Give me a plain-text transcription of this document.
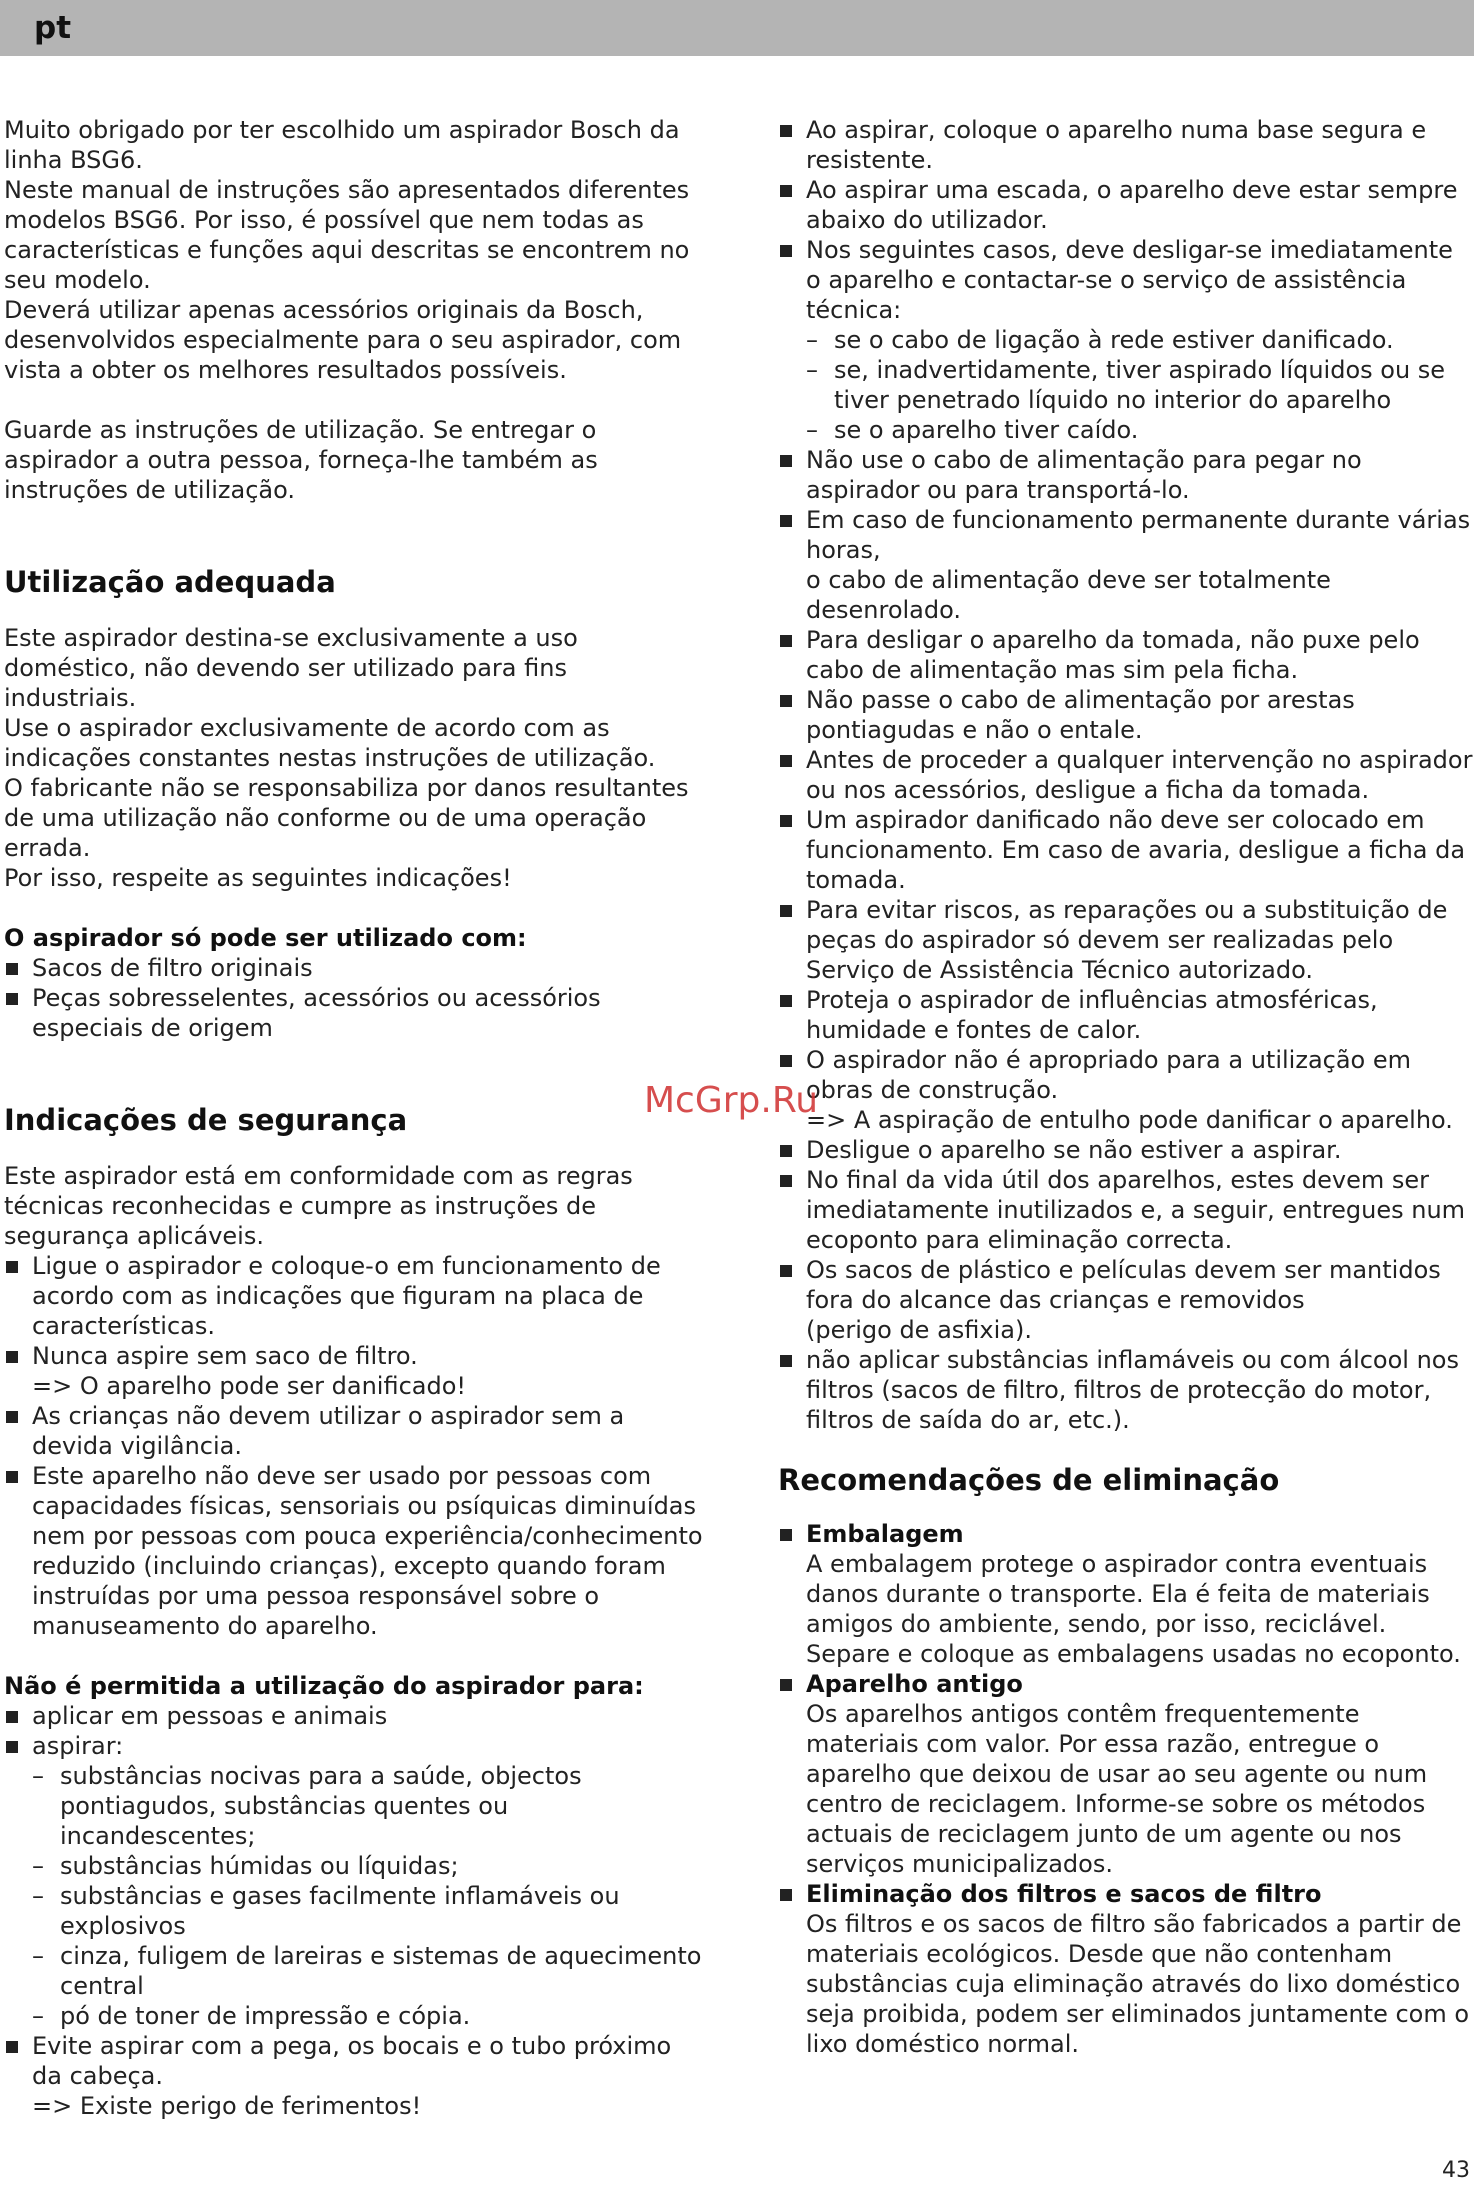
pt

Muito obrigado por ter escolhido um aspirador Bosch da linha BSG6.

Neste manual de instruções são apresentados diferentes modelos BSG6. Por isso, é possível que nem todas as características e funções aqui descritas se encontrem no seu modelo.

Deverá utilizar apenas acessórios originais da Bosch, desenvolvidos especialmente para o seu aspirador, com vista a obter os melhores resultados possíveis.

Guarde as instruções de utilização. Se entregar o aspirador a outra pessoa, forneça-lhe também as instruções de utilização.

Utilização adequada

Este aspirador destina-se exclusivamente a uso doméstico, não devendo ser utilizado para fins industriais.

Use o aspirador exclusivamente de acordo com as indicações constantes nestas instruções de utilização.

O fabricante não se responsabiliza por danos resultantes de uma utilização não conforme ou de uma operação errada.

Por isso, respeite as seguintes indicações!

O aspirador só pode ser utilizado com:

Sacos de filtro originais
Peças sobresselentes, acessórios ou acessórios especiais de origem
Indicações de segurança

Este aspirador está em conformidade com as regras técnicas reconhecidas e cumpre as instruções de segurança aplicáveis.

Ligue o aspirador e coloque-o em funcionamento de acordo com as indicações que figuram na placa de características.
Nunca aspire sem saco de filtro.
=> O aparelho pode ser danificado!
As crianças não devem utilizar o aspirador sem a devida vigilância.
Este aparelho não deve ser usado por pessoas com capacidades físicas, sensoriais ou psíquicas diminuídas nem por pessoas com pouca experiência/conhecimento reduzido (incluindo crianças), excepto quando foram instruídas por uma pessoa responsável sobre o manuseamento do aparelho.

Não é permitida a utilização do aspirador para:

aplicar em pessoas e animais
aspirar:
– substâncias nocivas para a saúde, objectos pontiagudos, substâncias quentes ou incandescentes;
– substâncias húmidas ou líquidas;
– substâncias e gases facilmente inflamáveis ou explosivos
– cinza, fuligem de lareiras e sistemas de aquecimento central
– pó de toner de impressão e cópia.
Evite aspirar com a pega, os bocais e o tubo próximo da cabeça.
=> Existe perigo de ferimentos!
Ao aspirar, coloque o aparelho numa base segura e resistente.
Ao aspirar uma escada, o aparelho deve estar sempre abaixo do utilizador.
Nos seguintes casos, deve desligar-se imediatamente o aparelho e contactar-se o serviço de assistência técnica:
– se o cabo de ligação à rede estiver danificado.
– se, inadvertidamente, tiver aspirado líquidos ou se tiver penetrado líquido no interior do aparelho
– se o aparelho tiver caído.
Não use o cabo de alimentação para pegar no aspirador ou para transportá-lo.
Em caso de funcionamento permanente durante várias horas,
o cabo de alimentação deve ser totalmente desenrolado.
Para desligar o aparelho da tomada, não puxe pelo cabo de alimentação mas sim pela ficha.
Não passe o cabo de alimentação por arestas pontiagudas e não o entale.
Antes de proceder a qualquer intervenção no aspirador ou nos acessórios, desligue a ficha da tomada.
Um aspirador danificado não deve ser colocado em funcionamento. Em caso de avaria, desligue a ficha da tomada.
Para evitar riscos, as reparações ou a substituição de peças do aspirador só devem ser realizadas pelo Serviço de Assistência Técnico autorizado.
Proteja o aspirador de influências atmosféricas, humidade e fontes de calor.
O aspirador não é apropriado para a utilização em obras de construção.
=> A aspiração de entulho pode danificar o aparelho.
Desligue o aparelho se não estiver a aspirar.
No final da vida útil dos aparelhos, estes devem ser imediatamente inutilizados e, a seguir, entregues num ecoponto para eliminação correcta.
Os sacos de plástico e películas devem ser mantidos fora do alcance das crianças e removidos
(perigo de asfixia).
não aplicar substâncias inflamáveis ou com álcool nos filtros (sacos de filtro, filtros de protecção do motor, filtros de saída do ar, etc.).
Recomendações de eliminação
Embalagem
A embalagem protege o aspirador contra eventuais danos durante o transporte. Ela é feita de materiais amigos do ambiente, sendo, por isso, reciclável. Separe e coloque as embalagens usadas no ecoponto.
Aparelho antigo
Os aparelhos antigos contêm frequentemente materiais com valor. Por essa razão, entregue o aparelho que deixou de usar ao seu agente ou num centro de reciclagem. Informe-se sobre os métodos actuais de reciclagem junto de um agente ou nos serviços municipalizados.
Eliminação dos filtros e sacos de filtro
Os filtros e os sacos de filtro são fabricados a partir de materiais ecológicos. Desde que não contenham substâncias cuja eliminação através do lixo doméstico seja proibida, podem ser eliminados juntamente com o lixo doméstico normal.
McGrp.Ru
43
